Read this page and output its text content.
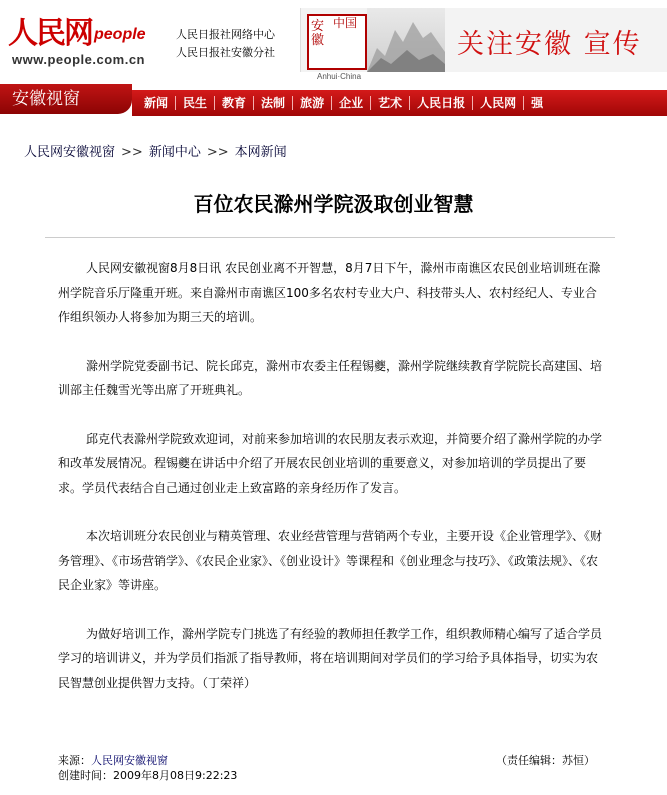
人民网 people
www.people.com.cn
人民日报社网络中心
人民日报社安徽分社
安徽
中国
Anhui·China
关注安徽 宣传
安徽视窗	新闻	民生	教育	法制	旅游	企业	艺术	人民日报	人民网	强
人民网安徽视窗 >> 新闻中心 >> 本网新闻
百位农民滁州学院汲取创业智慧

人民网安徽视窗8月8日讯 农民创业离不开智慧，8月7日下午，滁州市南谯区农民创业培训班在滁州学院音乐厅隆重开班。来自滁州市南谯区100多名农村专业大户、科技带头人、农村经纪人、专业合作组织领办人将参加为期三天的培训。

滁州学院党委副书记、院长邱克，滁州市农委主任程锡夔，滁州学院继续教育学院院长高建国、培训部主任魏雪光等出席了开班典礼。

邱克代表滁州学院致欢迎词，对前来参加培训的农民朋友表示欢迎，并简要介绍了滁州学院的办学和改革发展情况。程锡夔在讲话中介绍了开展农民创业培训的重要意义，对参加培训的学员提出了要求。学员代表结合自己通过创业走上致富路的亲身经历作了发言。

本次培训班分农民创业与精英管理、农业经营管理与营销两个专业，主要开设《企业管理学》、《财务管理》、《市场营销学》、《农民企业家》、《创业设计》等课程和《创业理念与技巧》、《政策法规》、《农民企业家》等讲座。

为做好培训工作，滁州学院专门挑选了有经验的教师担任教学工作，组织教师精心编写了适合学员学习的培训讲义，并为学员们指派了指导教师，将在培训期间对学员们的学习给予具体指导，切实为农民智慧创业提供智力支持。（丁荣祥）

来源：人民网安徽视窗	（责任编辑：苏恒）
创建时间：2009年8月08日9:22:23
